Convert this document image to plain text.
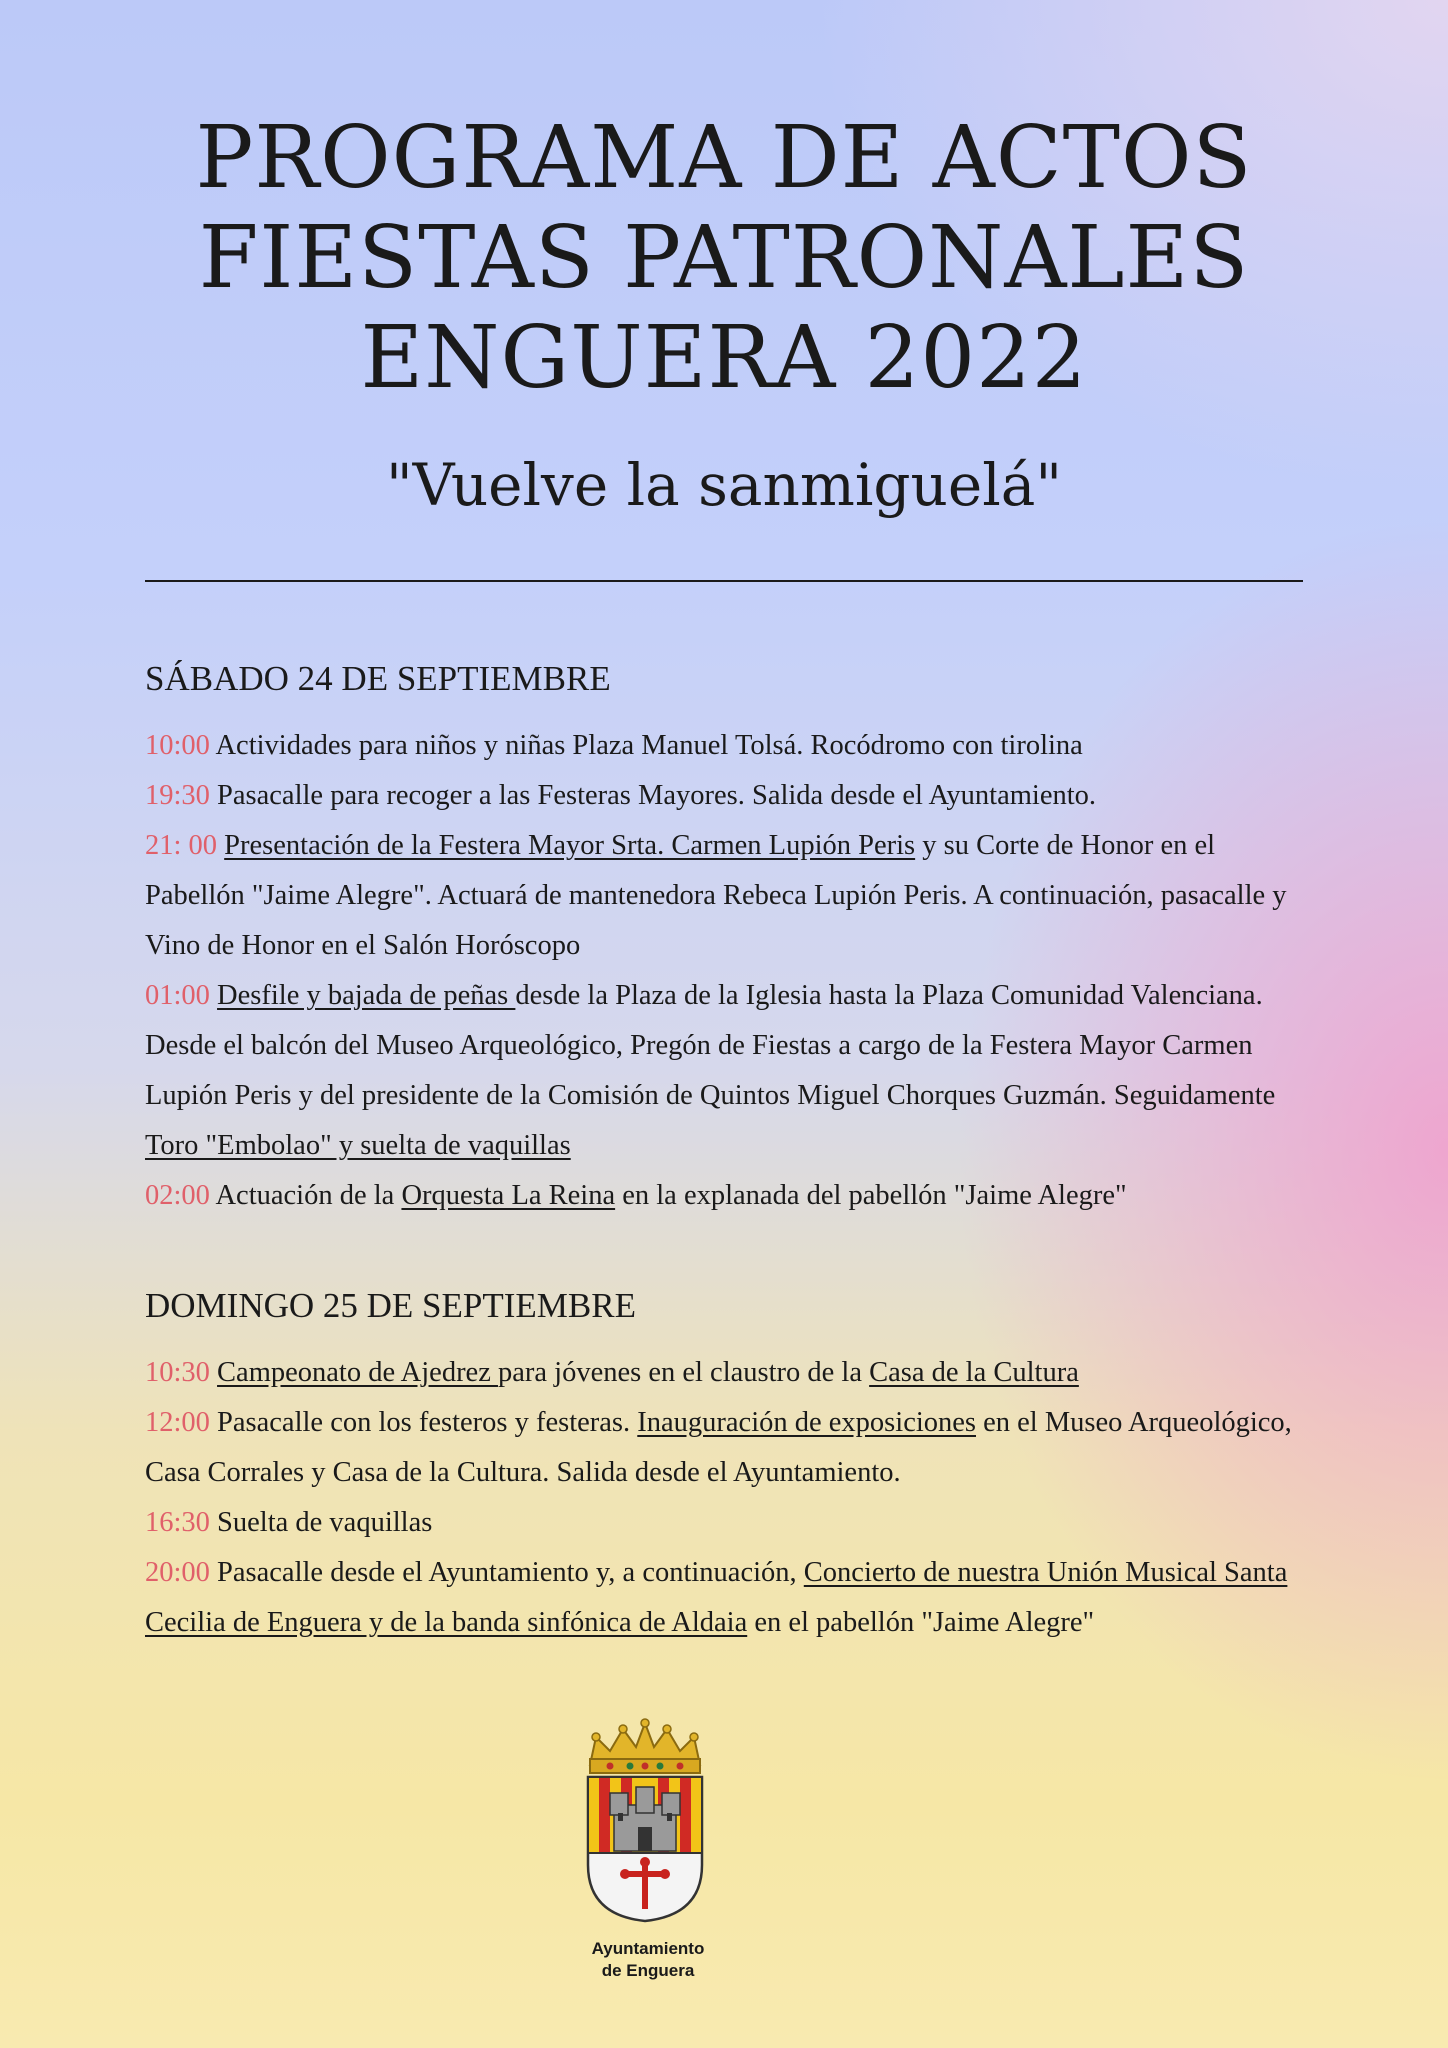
PROGRAMA DE ACTOS
FIESTAS PATRONALES
ENGUERA 2022
"Vuelve la sanmiguelá"
SÁBADO 24 DE SEPTIEMBRE

10:00 Actividades para niños y niñas Plaza Manuel Tolsá. Rocódromo con tirolina

19:30 Pasacalle para recoger a las Festeras Mayores. Salida desde el Ayuntamiento.

21: 00 Presentación de la Festera Mayor Srta. Carmen Lupión Peris y su Corte de Honor en el Pabellón "Jaime Alegre". Actuará de mantenedora Rebeca Lupión Peris. A continuación, pasacalle y Vino de Honor en el Salón Horóscopo

01:00 Desfile y bajada de peñas desde la Plaza de la Iglesia hasta la Plaza Comunidad Valenciana. Desde el balcón del Museo Arqueológico, Pregón de Fiestas a cargo de la Festera Mayor Carmen Lupión Peris y del presidente de la Comisión de Quintos Miguel Chorques Guzmán. Seguidamente Toro "Embolao" y suelta de vaquillas

02:00 Actuación de la Orquesta La Reina en la explanada del pabellón "Jaime Alegre"

DOMINGO 25 DE SEPTIEMBRE

10:30 Campeonato de Ajedrez para jóvenes en el claustro de la Casa de la Cultura

12:00 Pasacalle con los festeros y festeras. Inauguración de exposiciones en el Museo Arqueológico, Casa Corrales y Casa de la Cultura. Salida desde el Ayuntamiento.

16:30 Suelta de vaquillas

20:00 Pasacalle desde el Ayuntamiento y, a continuación, Concierto de nuestra Unión Musical Santa Cecilia de Enguera y de la banda sinfónica de Aldaia en el pabellón "Jaime Alegre"

Ayuntamiento
de Enguera
